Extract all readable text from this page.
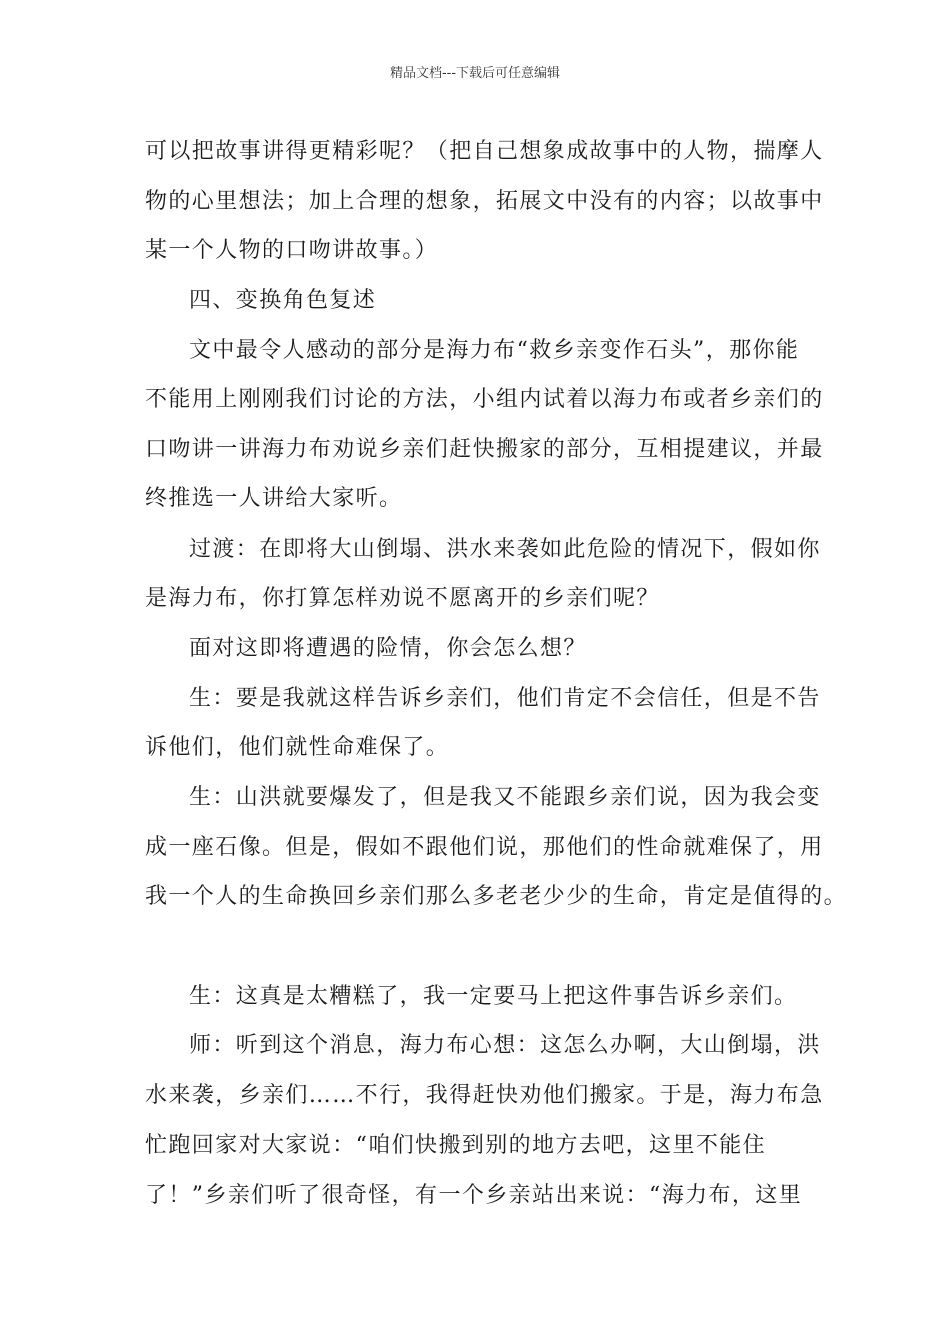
精品文档---下载后可任意编辑
可以把故事讲得更精彩呢？（把自己想象成故事中的人物，揣摩人
物的心里想法；加上合理的想象，拓展文中没有的内容；以故事中
某一个人物的口吻讲故事。）
四、变换角色复述
文中最令人感动的部分是海力布“救乡亲变作石头”，那你能
不能用上刚刚我们讨论的方法，小组内试着以海力布或者乡亲们的
口吻讲一讲海力布劝说乡亲们赶快搬家的部分，互相提建议，并最
终推选一人讲给大家听。
过渡：在即将大山倒塌、洪水来袭如此危险的情况下，假如你
是海力布，你打算怎样劝说不愿离开的乡亲们呢？
面对这即将遭遇的险情，你会怎么想？
生：要是我就这样告诉乡亲们，他们肯定不会信任，但是不告
诉他们，他们就性命难保了。
生：山洪就要爆发了，但是我又不能跟乡亲们说，因为我会变
成一座石像。但是，假如不跟他们说，那他们的性命就难保了，用
我一个人的生命换回乡亲们那么多老老少少的生命，肯定是值得的。
生：这真是太糟糕了，我一定要马上把这件事告诉乡亲们。
师：听到这个消息，海力布心想：这怎么办啊，大山倒塌，洪
水来袭，乡亲们……不行，我得赶快劝他们搬家。于是，海力布急
忙跑回家对大家说：“咱们快搬到别的地方去吧，这里不能住
了！”乡亲们听了很奇怪，有一个乡亲站出来说：“海力布，这里
